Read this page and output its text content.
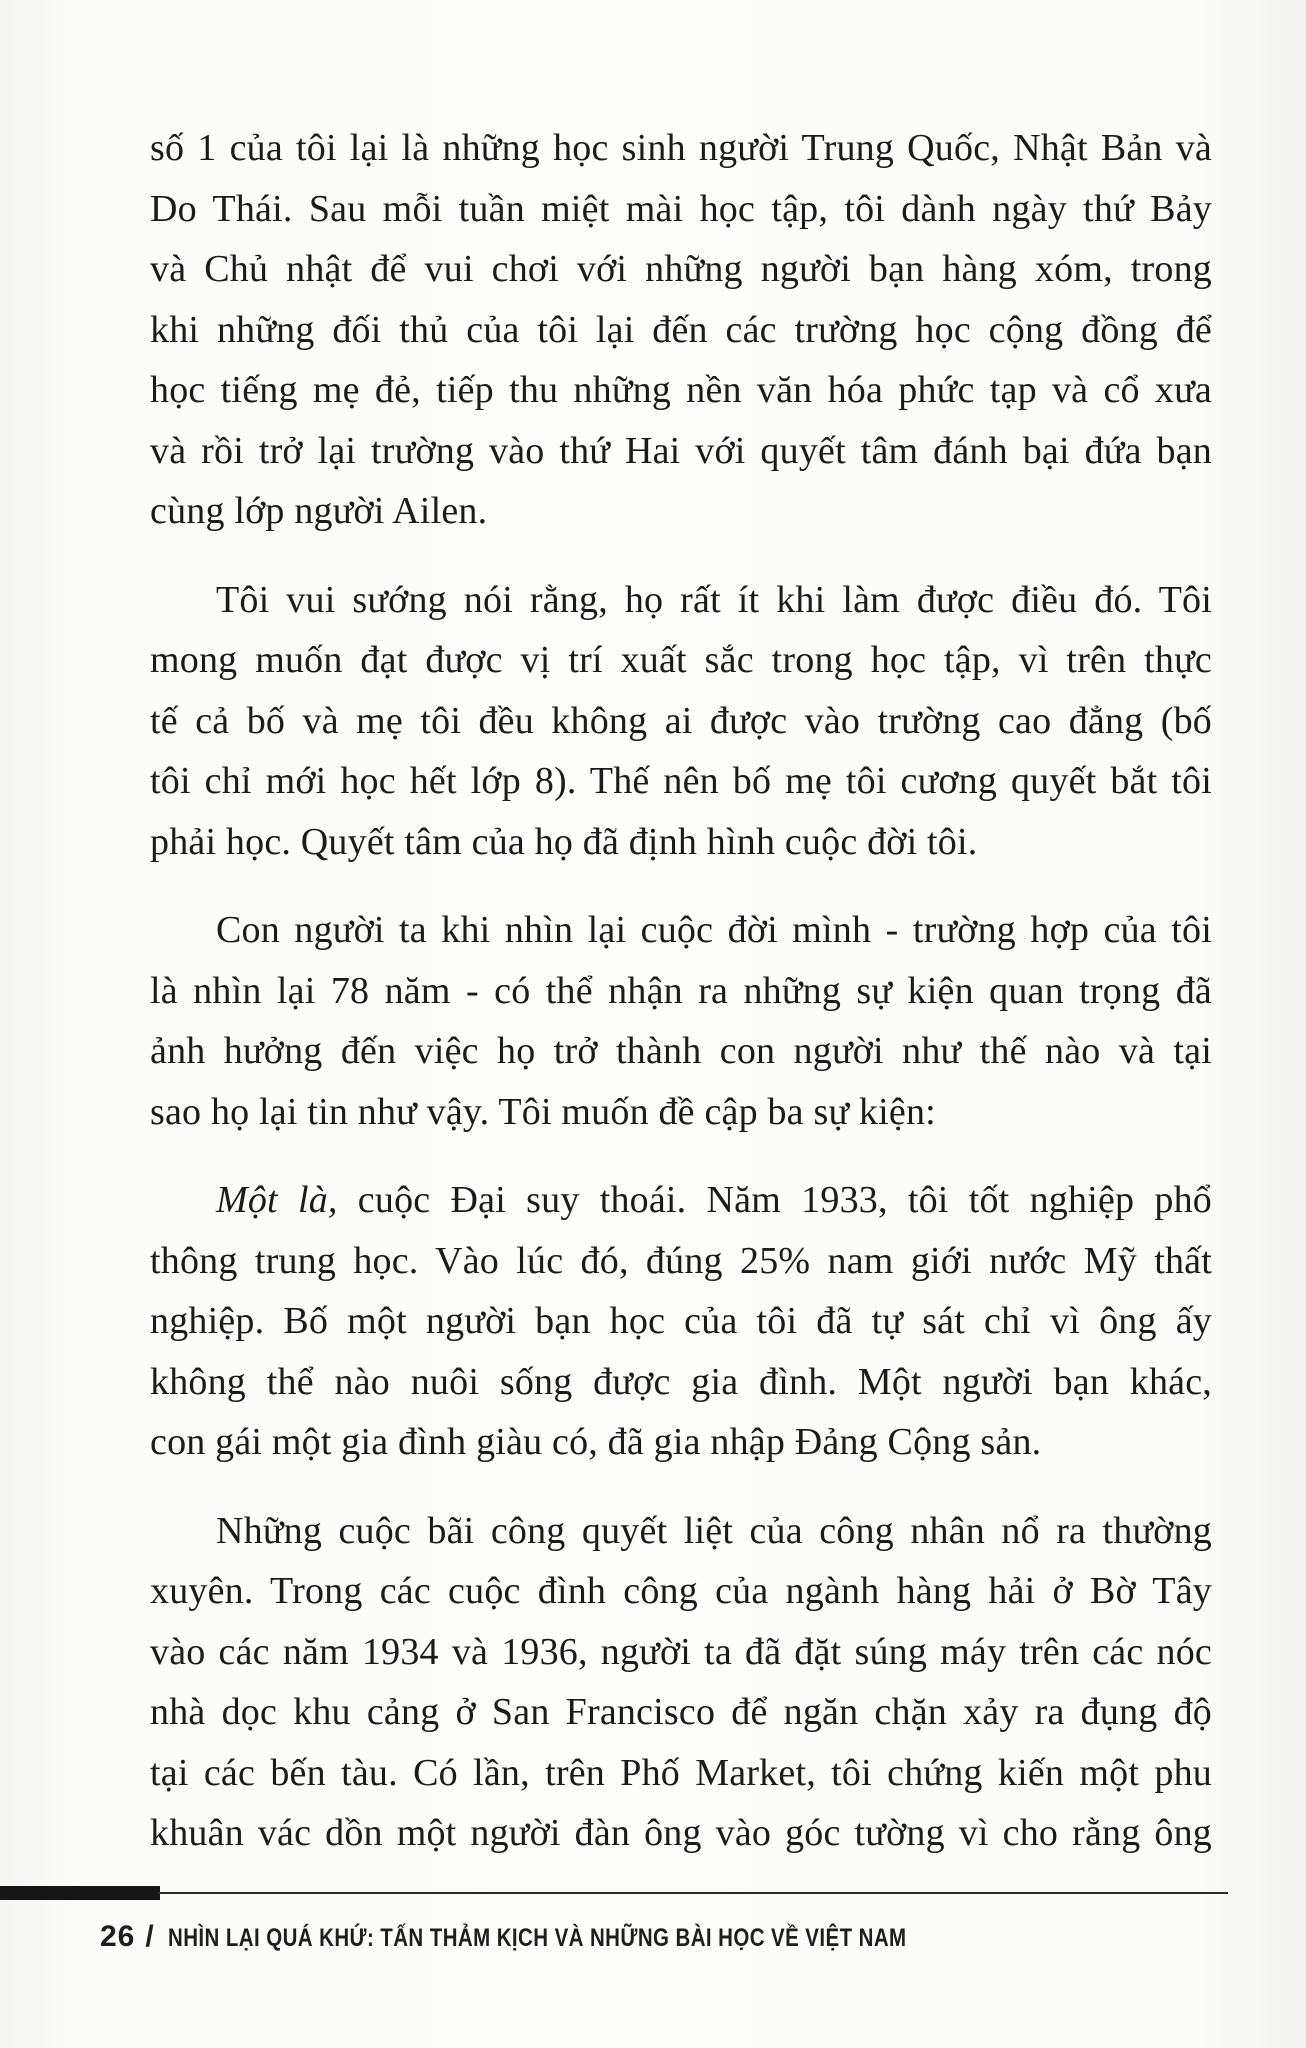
số 1 của tôi lại là những học sinh người Trung Quốc, Nhật Bản và
Do Thái. Sau mỗi tuần miệt mài học tập, tôi dành ngày thứ Bảy
và Chủ nhật để vui chơi với những người bạn hàng xóm, trong
khi những đối thủ của tôi lại đến các trường học cộng đồng để
học tiếng mẹ đẻ, tiếp thu những nền văn hóa phức tạp và cổ xưa
và rồi trở lại trường vào thứ Hai với quyết tâm đánh bại đứa bạn
cùng lớp người Ailen.

Tôi vui sướng nói rằng, họ rất ít khi làm được điều đó. Tôi
mong muốn đạt được vị trí xuất sắc trong học tập, vì trên thực
tế cả bố và mẹ tôi đều không ai được vào trường cao đẳng (bố
tôi chỉ mới học hết lớp 8). Thế nên bố mẹ tôi cương quyết bắt tôi
phải học. Quyết tâm của họ đã định hình cuộc đời tôi.

Con người ta khi nhìn lại cuộc đời mình - trường hợp của tôi
là nhìn lại 78 năm - có thể nhận ra những sự kiện quan trọng đã
ảnh hưởng đến việc họ trở thành con người như thế nào và tại
sao họ lại tin như vậy. Tôi muốn đề cập ba sự kiện:

Một là, cuộc Đại suy thoái. Năm 1933, tôi tốt nghiệp phổ
thông trung học. Vào lúc đó, đúng 25% nam giới nước Mỹ thất
nghiệp. Bố một người bạn học của tôi đã tự sát chỉ vì ông ấy
không thể nào nuôi sống được gia đình. Một người bạn khác,
con gái một gia đình giàu có, đã gia nhập Đảng Cộng sản.

Những cuộc bãi công quyết liệt của công nhân nổ ra thường
xuyên. Trong các cuộc đình công của ngành hàng hải ở Bờ Tây
vào các năm 1934 và 1936, người ta đã đặt súng máy trên các nóc
nhà dọc khu cảng ở San Francisco để ngăn chặn xảy ra đụng độ
tại các bến tàu. Có lần, trên Phố Market, tôi chứng kiến một phu
khuân vác dồn một người đàn ông vào góc tường vì cho rằng ông

26 / NHÌN LẠI QUÁ KHỨ: TẤN THẢM KỊCH VÀ NHỮNG BÀI HỌC VỀ VIỆT NAM
